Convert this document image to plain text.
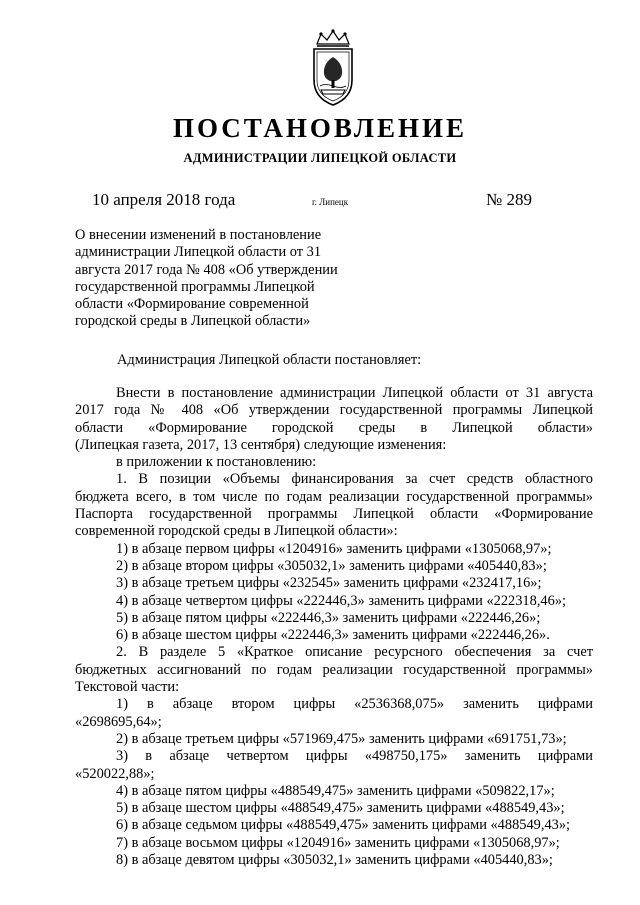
ПОСТАНОВЛЕНИЕ
АДМИНИСТРАЦИИ ЛИПЕЦКОЙ ОБЛАСТИ
10 апреля 2018 года	г. Липецк	№ 289
О внесении изменений в постановление
администрации Липецкой области от 31
августа 2017 года № 408 «Об утверждении
государственной программы Липецкой
области «Формирование современной
городской среды в Липецкой области»
Администрация Липецкой области постановляет:
Внести в постановление администрации Липецкой области от 31 августа
2017 года № 408 «Об утверждении государственной программы Липецкой
области «Формирование городской среды в Липецкой области»
(Липецкая газета, 2017, 13 сентября) следующие изменения:
в приложении к постановлению:
1. В позиции «Объемы финансирования за счет средств областного
бюджета всего, в том числе по годам реализации государственной программы»
Паспорта государственной программы Липецкой области «Формирование
современной городской среды в Липецкой области»:
1) в абзаце первом цифры «1204916» заменить цифрами «1305068,97»;
2) в абзаце втором цифры «305032,1» заменить цифрами «405440,83»;
3) в абзаце третьем цифры «232545» заменить цифрами «232417,16»;
4) в абзаце четвертом цифры «222446,3» заменить цифрами «222318,46»;
5) в абзаце пятом цифры «222446,3» заменить цифрами «222446,26»;
6) в абзаце шестом цифры «222446,3» заменить цифрами «222446,26».
2. В разделе 5 «Краткое описание ресурсного обеспечения за счет
бюджетных ассигнований по годам реализации государственной программы»
Текстовой части:
1) в абзаце втором цифры «2536368,075» заменить цифрами
«2698695,64»;
2) в абзаце третьем цифры «571969,475» заменить цифрами «691751,73»;
3) в абзаце четвертом цифры «498750,175» заменить цифрами
«520022,88»;
4) в абзаце пятом цифры «488549,475» заменить цифрами «509822,17»;
5) в абзаце шестом цифры «488549,475» заменить цифрами «488549,43»;
6) в абзаце седьмом цифры «488549,475» заменить цифрами «488549,43»;
7) в абзаце восьмом цифры «1204916» заменить цифрами «1305068,97»;
8) в абзаце девятом цифры «305032,1» заменить цифрами «405440,83»;
